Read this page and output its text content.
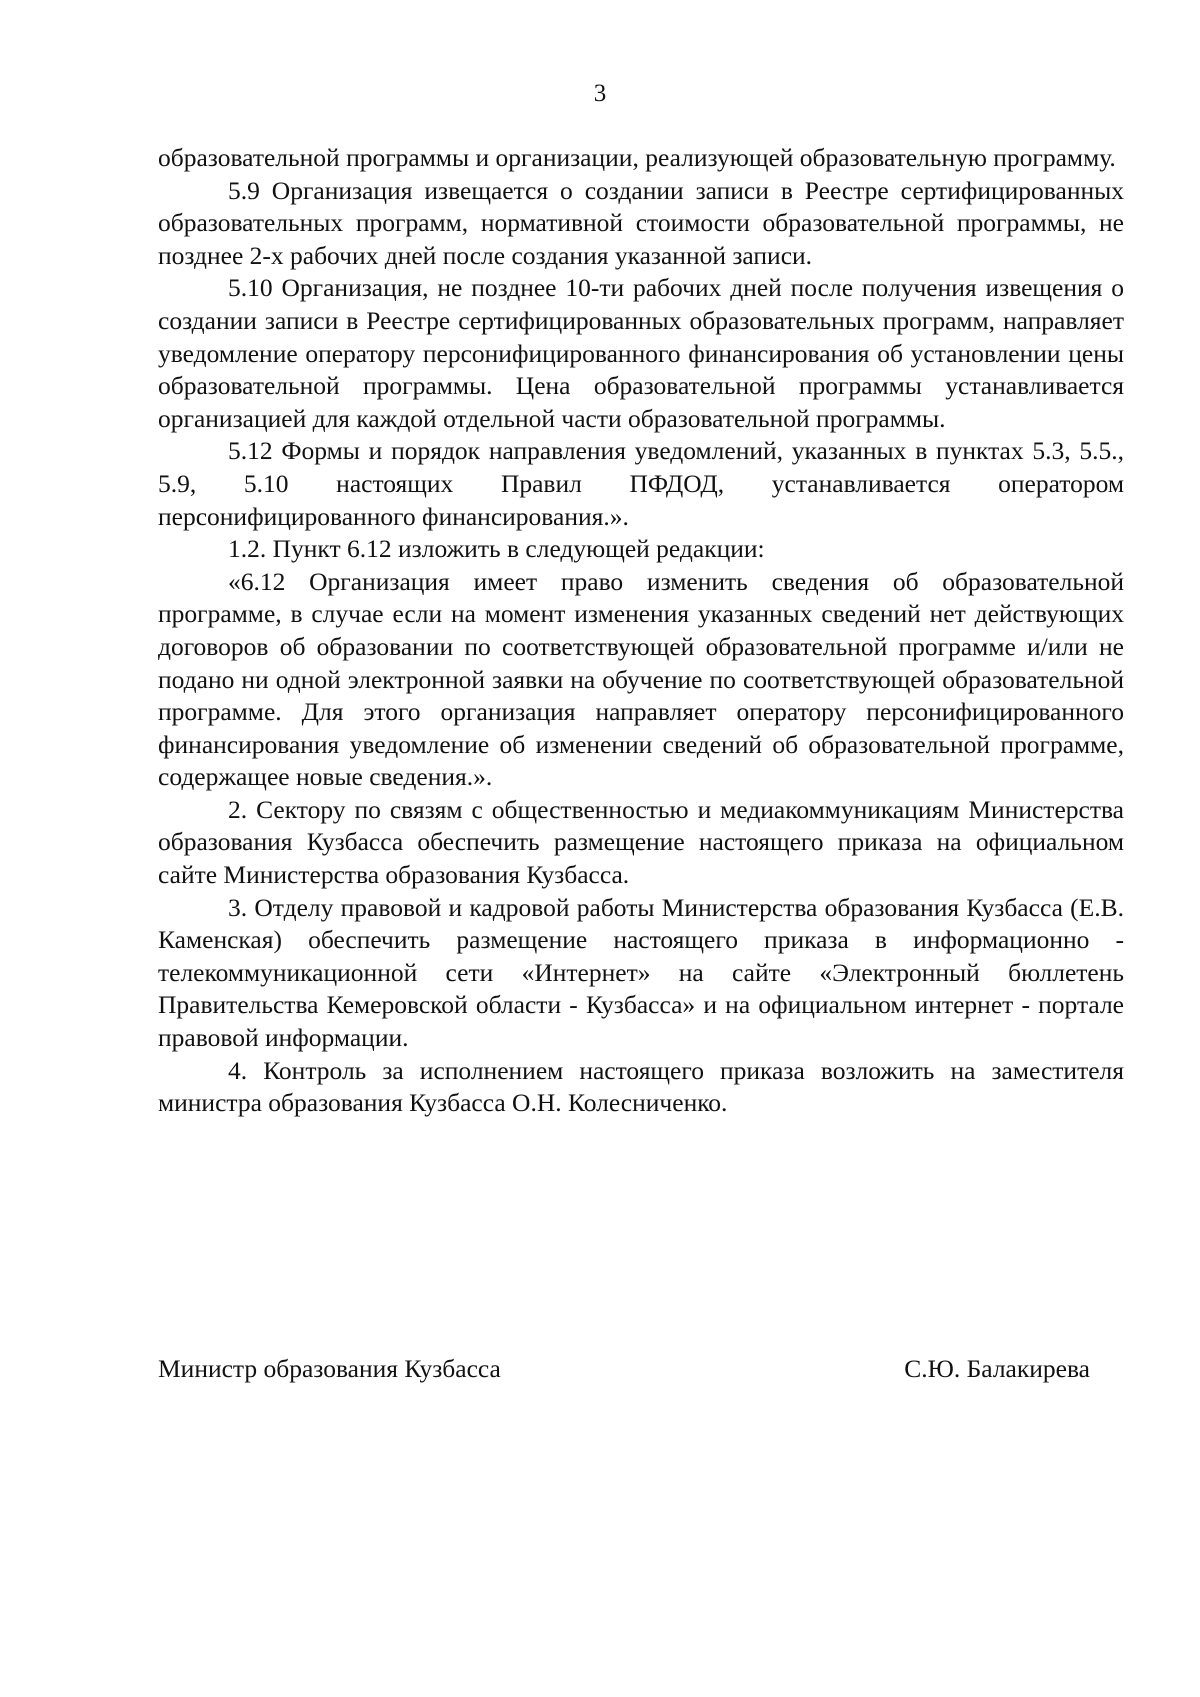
3

образовательной программы и организации, реализующей образовательную программу.

5.9 Организация извещается о создании записи в Реестре сертифицированных образовательных программ, нормативной стоимости образовательной программы, не позднее 2-х рабочих дней после создания указанной записи.

5.10 Организация, не позднее 10-ти рабочих дней после получения извещения о создании записи в Реестре сертифицированных образовательных программ, направляет уведомление оператору персонифицированного финансирования об установлении цены образовательной программы. Цена образовательной программы устанавливается организацией для каждой отдельной части образовательной программы.

5.12 Формы и порядок направления уведомлений, указанных в пунктах 5.3, 5.5., 5.9, 5.10 настоящих Правил ПФДОД, устанавливается оператором персонифицированного финансирования.».

1.2. Пункт 6.12 изложить в следующей редакции:

«6.12 Организация имеет право изменить сведения об образовательной программе, в случае если на момент изменения указанных сведений нет действующих договоров об образовании по соответствующей образовательной программе и/или не подано ни одной электронной заявки на обучение по соответствующей образовательной программе. Для этого организация направляет оператору персонифицированного финансирования уведомление об изменении сведений об образовательной программе, содержащее новые сведения.».

2. Сектору по связям с общественностью и медиакоммуникациям Министерства образования Кузбасса обеспечить размещение настоящего приказа на официальном сайте Министерства образования Кузбасса.

3. Отделу правовой и кадровой работы Министерства образования Кузбасса (Е.В. Каменская) обеспечить размещение настоящего приказа в информационно - телекоммуникационной сети «Интернет» на сайте «Электронный бюллетень Правительства Кемеровской области - Кузбасса» и на официальном интернет - портале правовой информации.

4. Контроль за исполнением настоящего приказа возложить на заместителя министра образования Кузбасса О.Н. Колесниченко.

Министр образования Кузбасса	С.Ю. Балакирева
